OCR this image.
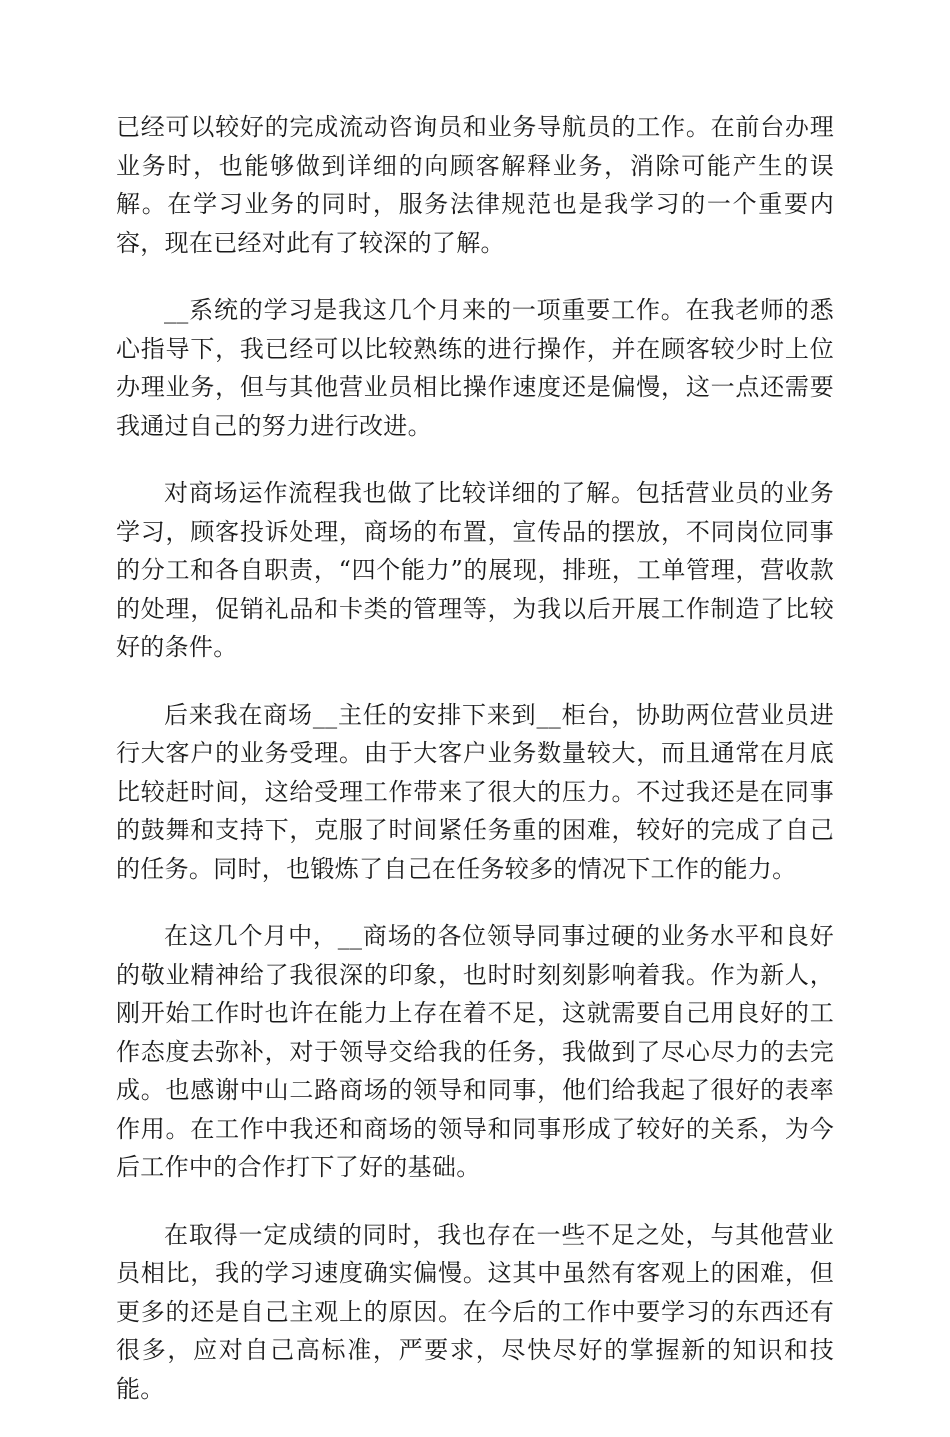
已经可以较好的完成流动咨询员和业务导航员的工作。在前台办理业务时，也能够做到详细的向顾客解释业务，消除可能产生的误解。在学习业务的同时，服务法律规范也是我学习的一个重要内容，现在已经对此有了较深的了解。

__系统的学习是我这几个月来的一项重要工作。在我老师的悉心指导下，我已经可以比较熟练的进行操作，并在顾客较少时上位办理业务，但与其他营业员相比操作速度还是偏慢，这一点还需要我通过自己的努力进行改进。

对商场运作流程我也做了比较详细的了解。包括营业员的业务学习，顾客投诉处理，商场的布置，宣传品的摆放，不同岗位同事的分工和各自职责，“四个能力”的展现，排班，工单管理，营收款的处理，促销礼品和卡类的管理等，为我以后开展工作制造了比较好的条件。

后来我在商场__主任的安排下来到__柜台，协助两位营业员进行大客户的业务受理。由于大客户业务数量较大，而且通常在月底比较赶时间，这给受理工作带来了很大的压力。不过我还是在同事的鼓舞和支持下，克服了时间紧任务重的困难，较好的完成了自己的任务。同时，也锻炼了自己在任务较多的情况下工作的能力。

在这几个月中，__商场的各位领导同事过硬的业务水平和良好的敬业精神给了我很深的印象，也时时刻刻影响着我。作为新人，刚开始工作时也许在能力上存在着不足，这就需要自己用良好的工作态度去弥补，对于领导交给我的任务，我做到了尽心尽力的去完成。也感谢中山二路商场的领导和同事，他们给我起了很好的表率作用。在工作中我还和商场的领导和同事形成了较好的关系，为今后工作中的合作打下了好的基础。

在取得一定成绩的同时，我也存在一些不足之处，与其他营业员相比，我的学习速度确实偏慢。这其中虽然有客观上的困难，但更多的还是自己主观上的原因。在今后的工作中要学习的东西还有很多，应对自己高标准，严要求，尽快尽好的掌握新的知识和技能。
